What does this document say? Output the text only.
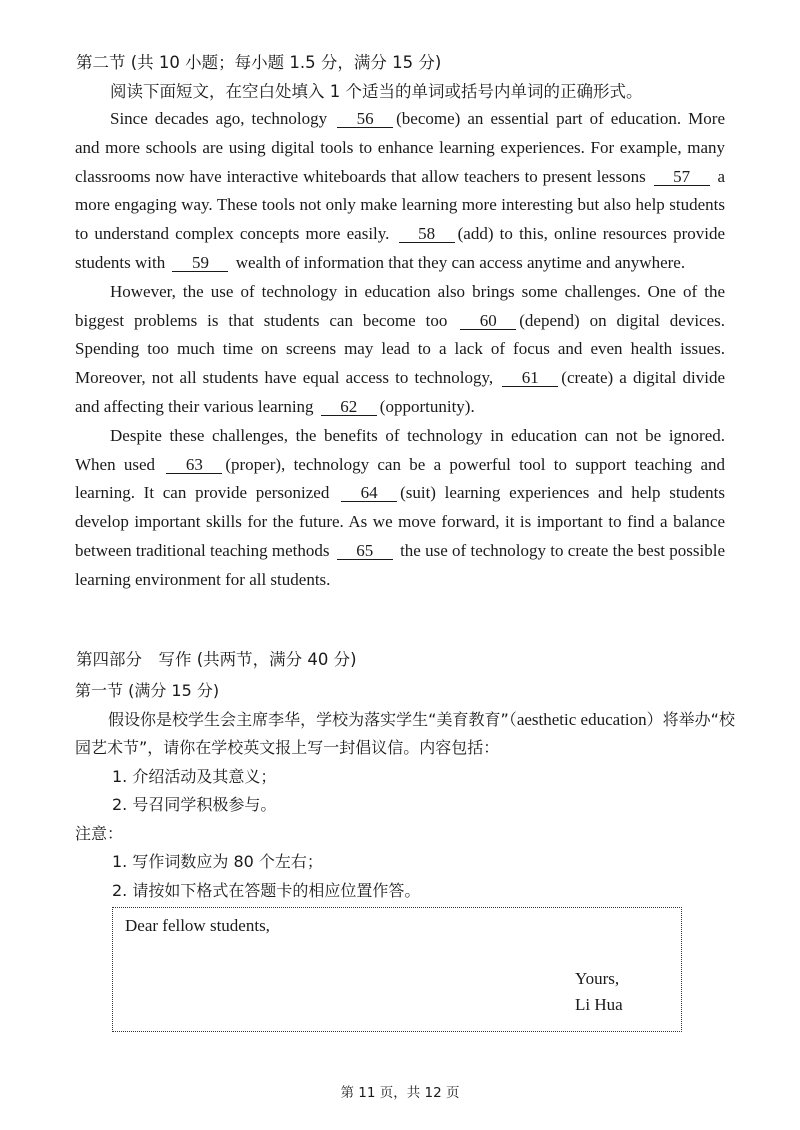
第二节 (共 10 小题；每小题 1.5 分，满分 15 分)
阅读下面短文，在空白处填入 1 个适当的单词或括号内单词的正确形式。

Since decades ago, technology 56 (become) an essential part of education. More and more schools are using digital tools to enhance learning experiences. For example, many classrooms now have interactive whiteboards that allow teachers to present lessons 57 a more engaging way. These tools not only make learning more interesting but also help students to understand complex concepts more easily. 58 (add) to this, online resources provide students with 59 wealth of information that they can access anytime and anywhere.

However, the use of technology in education also brings some challenges. One of the biggest problems is that students can become too 60 (depend) on digital devices. Spending too much time on screens may lead to a lack of focus and even health issues. Moreover, not all students have equal access to technology, 61 (create) a digital divide and affecting their various learning 62 (opportunity).

Despite these challenges, the benefits of technology in education can not be ignored. When used 63 (proper), technology can be a powerful tool to support teaching and learning. It can provide personized 64 (suit) learning experiences and help students develop important skills for the future. As we move forward, it is important to find a balance between traditional teaching methods 65 the use of technology to create the best possible learning environment for all students.

第四部分　写作 (共两节，满分 40 分)

第一节 (满分 15 分)

假设你是校学生会主席李华，学校为落实学生“美育教育”（aesthetic education）将举办“校园艺术节”，请你在学校英文报上写一封倡议信。内容包括：

1. 介绍活动及其意义；

2. 号召同学积极参与。

注意：

1. 写作词数应为 80 个左右；

2. 请按如下格式在答题卡的相应位置作答。

Dear fellow students,
Yours,
Li Hua
第 11 页，共 12 页
